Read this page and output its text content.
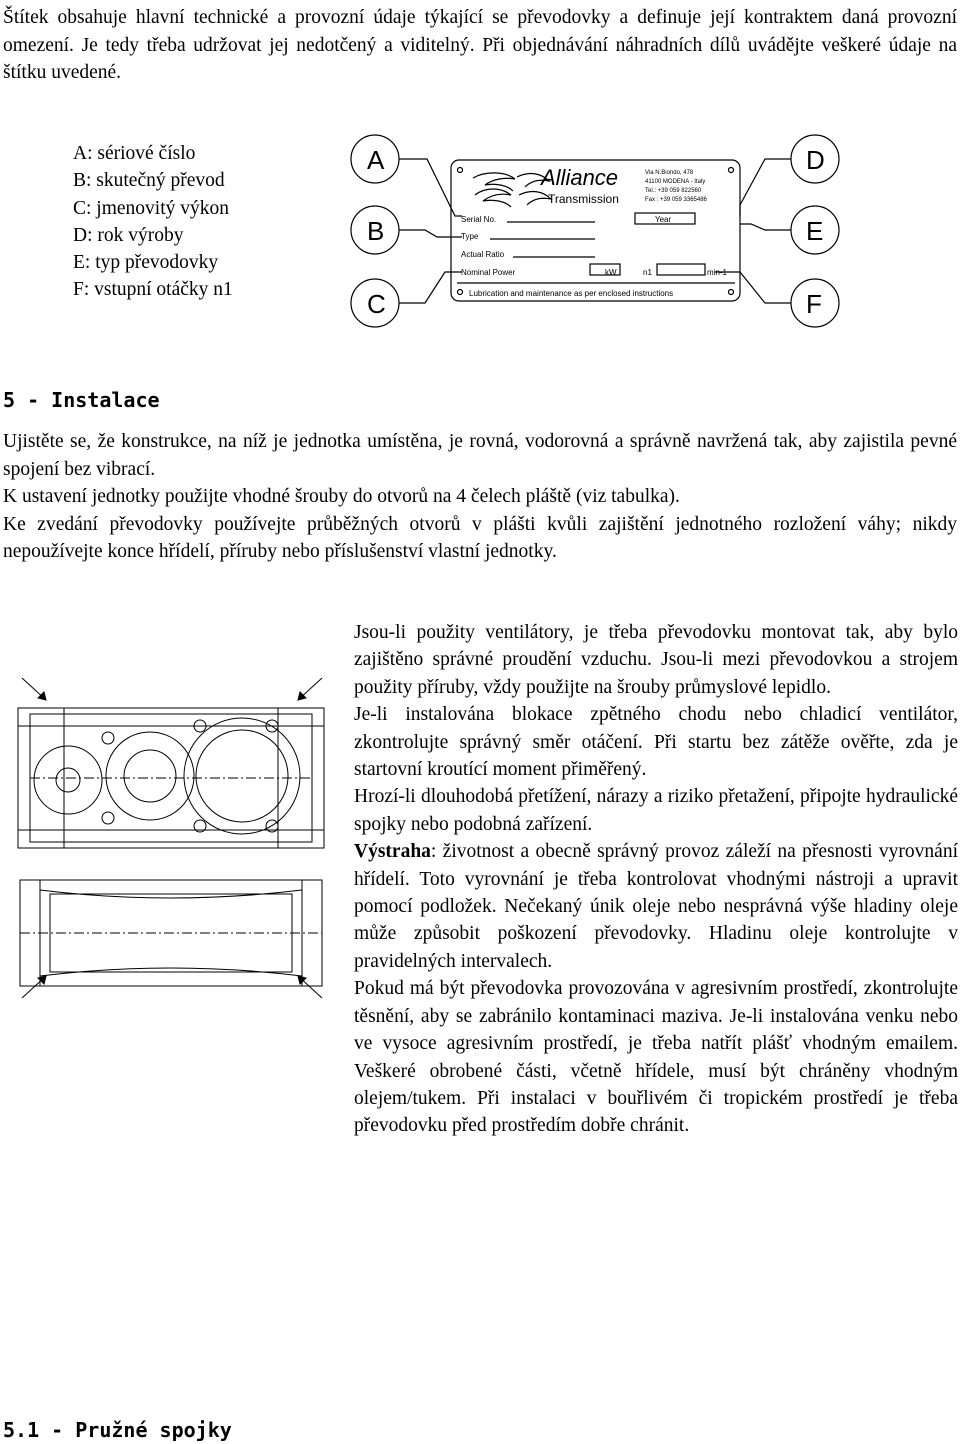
Štítek obsahuje hlavní technické a provozní údaje týkající se převodovky a definuje její kontraktem daná provozní omezení. Je tedy třeba udržovat jej nedotčený a viditelný. Při objednávání náhradních dílů uvádějte veškeré údaje na štítku uvedené.
A: sériové číslo
B: skutečný převod
C: jmenovitý výkon
D: rok výroby
E: typ převodovky
F: vstupní otáčky n1
A
B
C
D
E
F
Alliance
Transmission
Via N.Biondo, 478
41100 MODENA - Italy
Tel.: +39 059 822560
Fax : +39 059 3365486
Serial No.	Year
Type
Actual Ratio
Nominal Power	kW	n1	min-1
Lubrication and maintenance as per enclosed instructions
5 - Instalace

Ujistěte se, že konstrukce, na níž je jednotka umístěna, je rovná, vodorovná a správně navržená tak, aby zajistila pevné spojení bez vibrací.

K ustavení jednotky použijte vhodné šrouby do otvorů na 4 čelech pláště (viz tabulka).

Ke zvedání převodovky používejte průběžných otvorů v plášti kvůli zajištění jednotného rozložení váhy; nikdy nepoužívejte konce hřídelí, příruby nebo příslušenství vlastní jednotky.

Jsou-li použity ventilátory, je třeba převodovku montovat tak, aby bylo zajištěno správné proudění vzduchu. Jsou-li mezi převodovkou a strojem použity příruby, vždy použijte na šrouby průmyslové lepidlo.

Je-li instalována blokace zpětného chodu nebo chladicí ventilátor, zkontrolujte správný směr otáčení. Při startu bez zátěže ověřte, zda je startovní kroutící moment přiměřený.

Hrozí-li dlouhodobá přetížení, nárazy a riziko přetažení, připojte hydraulické spojky nebo podobná zařízení.

Výstraha: životnost a obecně správný provoz záleží na přesnosti vyrovnání hřídelí. Toto vyrovnání je třeba kontrolovat vhodnými nástroji a upravit pomocí podložek. Nečekaný únik oleje nebo nesprávná výše hladiny oleje může způsobit poškození převodovky. Hladinu oleje kontrolujte v pravidelných intervalech.

Pokud má být převodovka provozována v agresivním prostředí, zkontrolujte těsnění, aby se zabránilo kontaminaci maziva. Je-li instalována venku nebo ve vysoce agresivním prostředí, je třeba natřít plášť vhodným emailem. Veškeré obrobené části, včetně hřídele, musí být chráněny vhodným olejem/tukem. Při instalaci v bouřlivém či tropickém prostředí je třeba převodovku před prostředím dobře chránit.

5.1 - Pružné spojky
